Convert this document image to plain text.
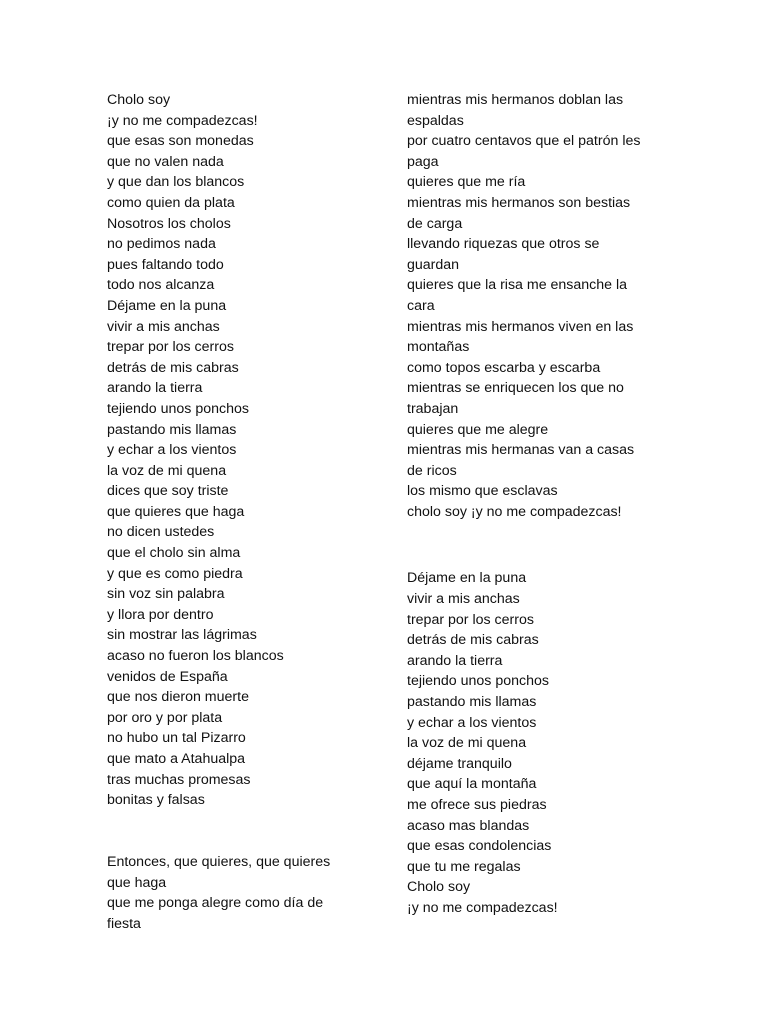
Cholo soy
¡y no me compadezcas!
que esas son monedas
que no valen nada
y que dan los blancos
como quien da plata
Nosotros los cholos
no pedimos nada
pues faltando todo
todo nos alcanza
Déjame en la puna
vivir a mis anchas
trepar por los cerros
detrás de mis cabras
arando la tierra
tejiendo unos ponchos
pastando mis llamas
y echar a los vientos
la voz de mi quena
dices que soy triste
que quieres que haga
no dicen ustedes
que el cholo sin alma
y que es como piedra
sin voz sin palabra
y llora por dentro
sin mostrar las lágrimas
acaso no fueron los blancos
venidos de España
que nos dieron muerte
por oro y por plata
no hubo un tal Pizarro
que mato a Atahualpa
tras muchas promesas
bonitas y falsas
Entonces, que quieres, que quieres
que haga
que me ponga alegre como día de
fiesta
mientras mis hermanos doblan las
espaldas
por cuatro centavos que el patrón les
paga
quieres que me ría
mientras mis hermanos son bestias
de carga
llevando riquezas que otros se
guardan
quieres que la risa me ensanche la
cara
mientras mis hermanos viven en las
montañas
como topos escarba y escarba
mientras se enriquecen los que no
trabajan
quieres que me alegre
mientras mis hermanas van a casas
de ricos
los mismo que esclavas
cholo soy ¡y no me compadezcas!
Déjame en la puna
vivir a mis anchas
trepar por los cerros
detrás de mis cabras
arando la tierra
tejiendo unos ponchos
pastando mis llamas
y echar a los vientos
la voz de mi quena
déjame tranquilo
que aquí la montaña
me ofrece sus piedras
acaso mas blandas
que esas condolencias
que tu me regalas
Cholo soy
¡y no me compadezcas!
